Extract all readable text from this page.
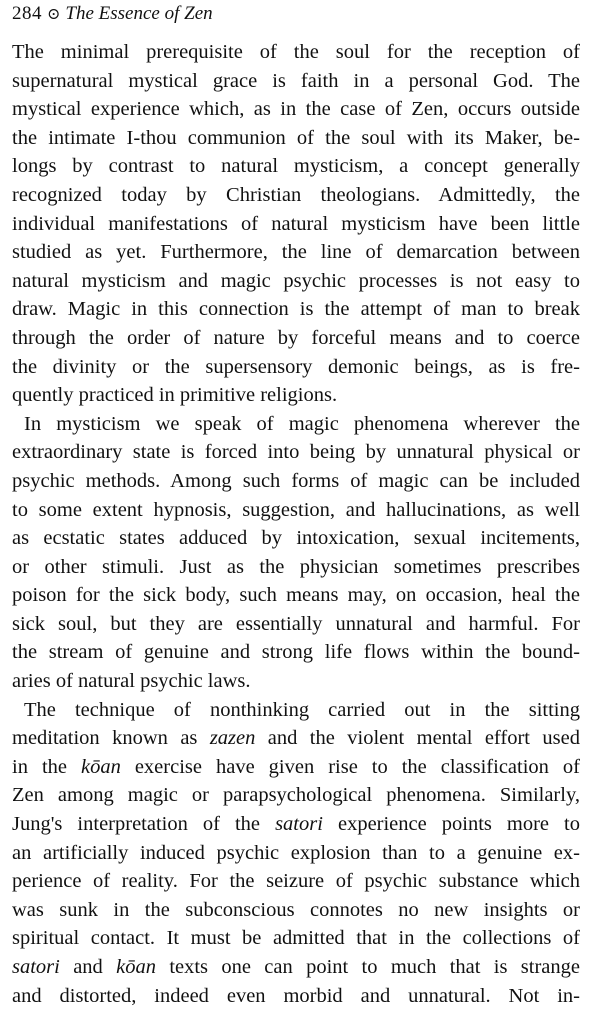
284 ⊙ The Essence of Zen
The minimal prerequisite of the soul for the reception of
supernatural mystical grace is faith in a personal God. The
mystical experience which, as in the case of Zen, occurs outside
the intimate I-thou communion of the soul with its Maker, be-
longs by contrast to natural mysticism, a concept generally
recognized today by Christian theologians. Admittedly, the
individual manifestations of natural mysticism have been little
studied as yet. Furthermore, the line of demarcation between
natural mysticism and magic psychic processes is not easy to
draw. Magic in this connection is the attempt of man to break
through the order of nature by forceful means and to coerce
the divinity or the supersensory demonic beings, as is fre-
quently practiced in primitive religions.
In mysticism we speak of magic phenomena wherever the
extraordinary state is forced into being by unnatural physical or
psychic methods. Among such forms of magic can be included
to some extent hypnosis, suggestion, and hallucinations, as well
as ecstatic states adduced by intoxication, sexual incitements,
or other stimuli. Just as the physician sometimes prescribes
poison for the sick body, such means may, on occasion, heal the
sick soul, but they are essentially unnatural and harmful. For
the stream of genuine and strong life flows within the bound-
aries of natural psychic laws.
The technique of nonthinking carried out in the sitting
meditation known as zazen and the violent mental effort used
in the kōan exercise have given rise to the classification of
Zen among magic or parapsychological phenomena. Similarly,
Jung's interpretation of the satori experience points more to
an artificially induced psychic explosion than to a genuine ex-
perience of reality. For the seizure of psychic substance which
was sunk in the subconscious connotes no new insights or
spiritual contact. It must be admitted that in the collections of
satori and kōan texts one can point to much that is strange
and distorted, indeed even morbid and unnatural. Not in-
